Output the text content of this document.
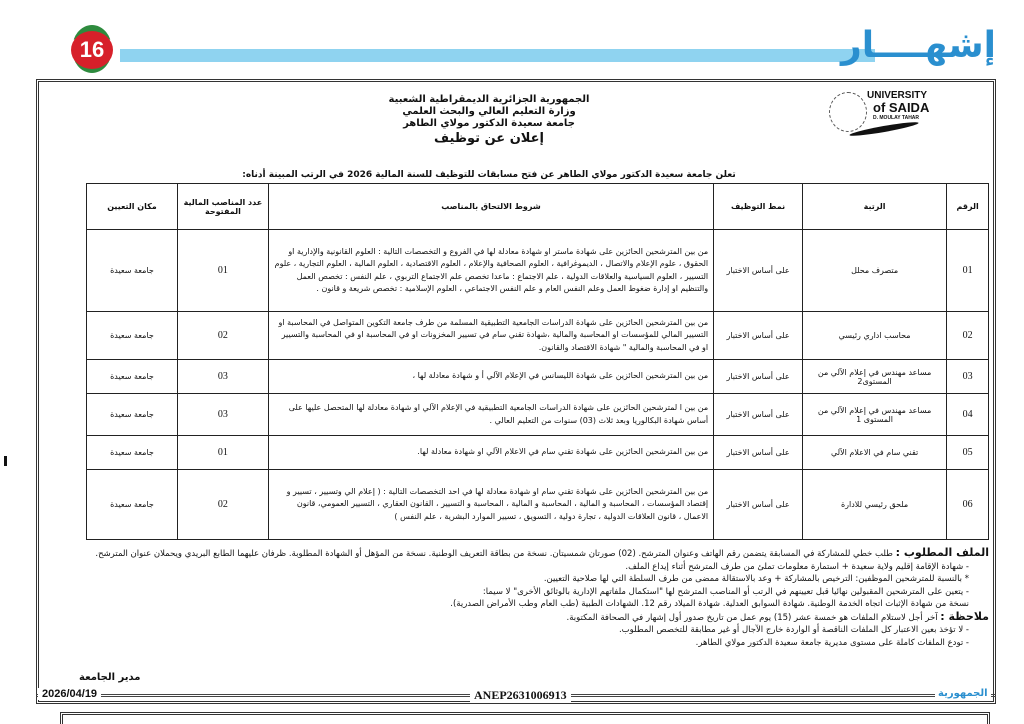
16	إشهــــار
UNIVERSITY
of SAIDA
D. MOULAY TAHAR
الجمهورية الجزائرية الديمقراطية الشعبية
وزارة التعليم العالي والبحث العلمي
جامعة سعيدة الدكتور مولاي الطاهر
إعلان عن توظيف
تعلن جامعة سعيدة الدكتور مولاي الطاهر عن فتح مسابقات للتوظيف للسنة المالية 2026 في الرتب المبينة أدناه:
الرقم	الرتبة	نمط التوظيف	شروط الالتحاق بالمناصب	عدد المناصب المالية المفتوحة	مكان التعيين
01	متصرف محلل	على أساس الاختبار	من بين المترشحين الحائزين على شهادة ماستر او شهادة معادلة لها في الفروع و التخصصات التالية : العلوم القانونية والإدارية او الحقوق ، علوم الإعلام والاتصال ، الديموغرافية ، العلوم الصحافية والإعلام ، العلوم الاقتصادية ، العلوم المالية ، العلوم التجارية ، علوم التسيير ، العلوم السياسية والعلاقات الدولية ، علم الاجتماع : ماعدا تخصص علم الاجتماع التربوي ، علم النفس : تخصص العمل والتنظيم او إدارة ضغوط العمل وعلم النفس العام و علم النفس الاجتماعي ، العلوم الإسلامية : تخصص شريعة و قانون .	01	جامعة سعيدة
02	محاسب اداري رئيسي	على أساس الاختبار	من بين المترشحين الحائزين على شهادة الدراسات الجامعية التطبيقية المسلمة من طرف جامعة التكوين المتواصل في المحاسبة او التسيير المالي للمؤسسات او المحاسبة والمالية ،شهادة تقني سام في تسيير المخزونات او في المحاسبة او في المحاسبة والتسيير او في المحاسبة والمالية " شهادة الاقتصاد والقانون.	02	جامعة سعيدة
03	مساعد مهندس في إعلام الآلي من المستوى2	على أساس الاختبار	من بين المترشحين الحائزين على شهادة الليسانس في الإعلام الآلي أ و شهادة معادلة لها ،	03	جامعة سعيدة
04	مساعد مهندس في إعلام الآلي من المستوى 1	على أساس الاختبار	من بين ا لمترشحين الحائزين على شهادة الدراسات الجامعية التطبيقية في الإعلام الآلي او شهادة معادلة لها المتحصل عليها على أساس شهادة البكالوريا وبعد ثلاث (03) سنوات من التعليم العالي .	03	جامعة سعيدة
05	تقني سام في الاعلام الآلي	على أساس الاختبار	من بين المترشحين الحائزين على شهادة تقني سام في الاعلام الآلي او شهادة معادلة لها.	01	جامعة سعيدة
06	ملحق رئيسي للادارة	على أساس الاختبار	من بين المترشحين الحائزين على شهادة تقني سام او شهادة معادلة لها في احد التخصصات التالية : ( إعلام الي وتسيير ، تسيير و إقتصاد المؤسسات ، المحاسبة و المالية ، المحاسبة و المالية ، المحاسبة و التسيير ، القانون العقاري ، التسيير العمومي، قانون الاعمال ، قانون العلاقات الدولية ، تجارة دولية ، التسويق ، تسيير الموارد البشرية ، علم النفس )	02	جامعة سعيدة
الملف المطلوب : طلب خطي للمشاركة في المسابقة يتضمن رقم الهاتف وعنوان المترشح. (02) صورتان شمسيتان. نسخة من بطاقة التعريف الوطنية. نسخة من المؤهل أو الشهادة المطلوبة. ظرفان عليهما الطابع البريدي ويحملان عنوان المترشح.
- شهادة الإقامة إقليم ولاية سعيدة + استمارة معلومات تملئ من طرف المترشح أثناء إيداع الملف.
* بالنسبة للمترشحين الموظفين: الترخيص بالمشاركة + وعد بالاستقالة ممضى من طرف السلطة التي لها صلاحية التعيين.
- يتعين على المترشحين المقبولين نهائيا قبل تعيينهم في الرتب أو المناصب المترشح لها "استكمال ملفاتهم الإدارية بالوثائق الأخرى" لا سيما:
نسخة من شهادة الإثبات اتجاه الخدمة الوطنية. شهادة السوابق العدلية. شهادة الميلاد رقم 12. الشهادات الطبية (طب العام وطب الأمراض الصدرية).
ملاحظة : آخر أجل لاستلام الملفات هو خمسة عشر (15) يوم عمل من تاريخ صدور أول إشهار في الصحافة المكتوبة.
- لا تؤخذ بعين الاعتبار كل الملفات الناقصة أو الواردة خارج الآجال أو غير مطابقة للتخصص المطلوب.
- تودع الملفات كاملة على مستوى مديرية جامعة سعيدة الدكتور مولاي الطاهر.
مدير الجامعة
2026/04/19	ANEP2631006913	الجمهورية
